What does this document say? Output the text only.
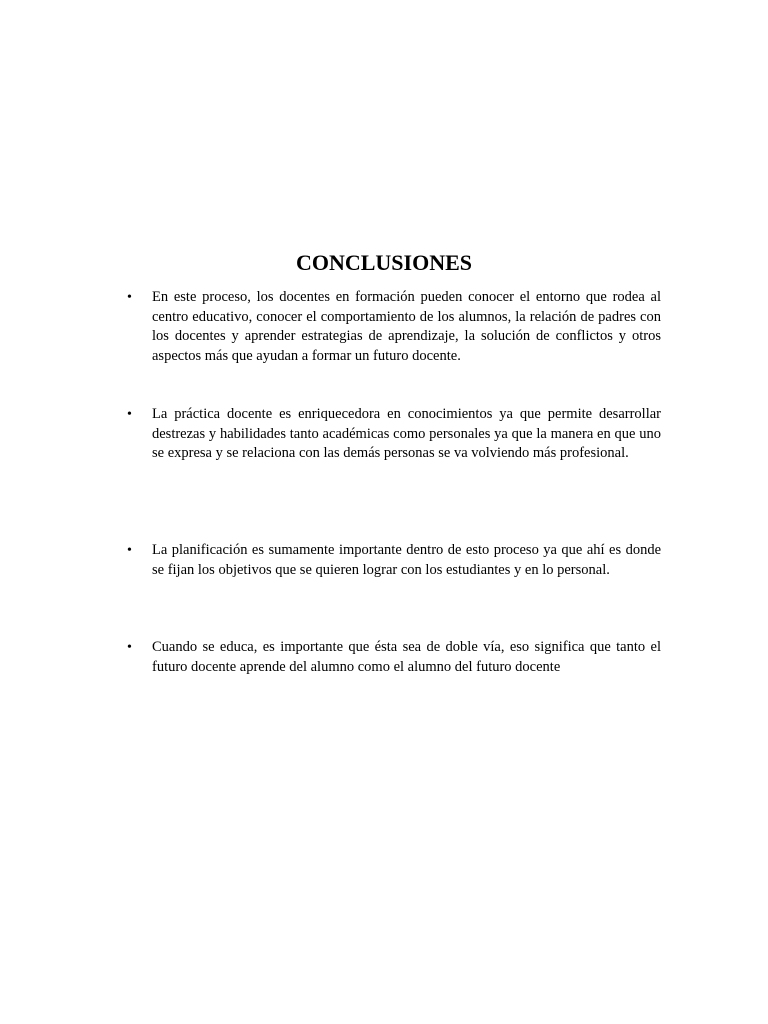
CONCLUSIONES
• En este proceso, los docentes en formación pueden conocer el entorno que rodea al centro educativo, conocer el comportamiento de los alumnos, la relación de padres con los docentes y aprender estrategias de aprendizaje, la solución de conflictos y otros aspectos más que ayudan a formar un futuro docente.

• La práctica docente es enriquecedora en conocimientos ya que permite desarrollar destrezas y habilidades tanto académicas como personales ya que la manera en que uno se expresa y se relaciona con las demás personas se va volviendo más profesional.

• La planificación es sumamente importante dentro de esto proceso ya que ahí es donde se fijan los objetivos que se quieren lograr con los estudiantes y en lo personal.

• Cuando se educa, es importante que ésta sea de doble vía, eso significa que tanto el futuro docente aprende del alumno como el alumno del futuro docente
